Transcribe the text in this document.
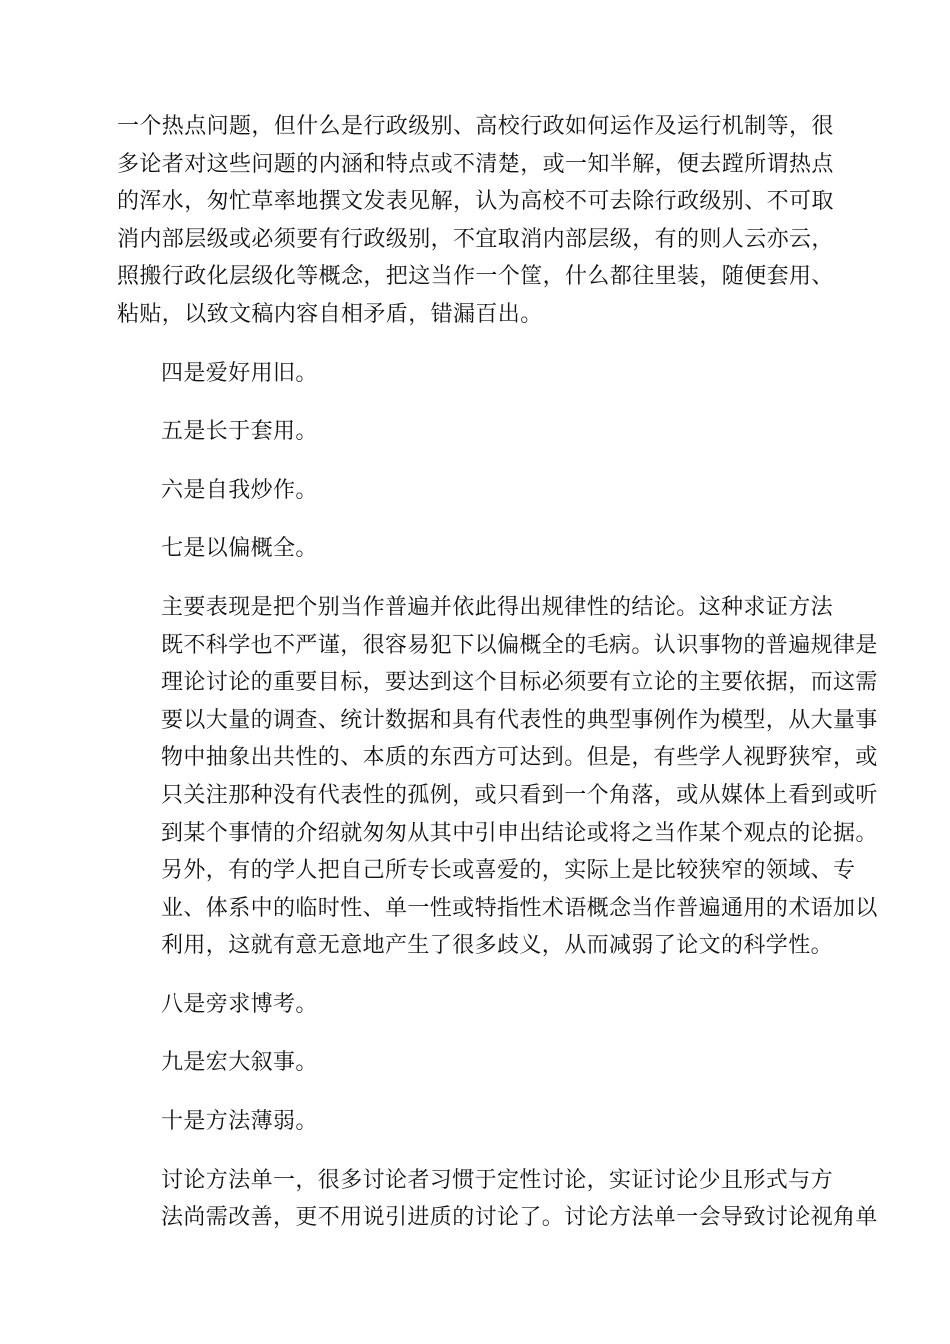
一个热点问题，但什么是行政级别、高校行政如何运作及运行机制等，很
多论者对这些问题的内涵和特点或不清楚，或一知半解，便去蹚所谓热点
的浑水，匆忙草率地撰文发表见解，认为高校不可去除行政级别、不可取
消内部层级或必须要有行政级别，不宜取消内部层级，有的则人云亦云，
照搬行政化层级化等概念，把这当作一个筐，什么都往里装，随便套用、
粘贴，以致文稿内容自相矛盾，错漏百出。
四是爱好用旧。
五是长于套用。
六是自我炒作。
七是以偏概全。
主要表现是把个别当作普遍并依此得出规律性的结论。这种求证方法
既不科学也不严谨，很容易犯下以偏概全的毛病。认识事物的普遍规律是
理论讨论的重要目标，要达到这个目标必须要有立论的主要依据，而这需
要以大量的调查、统计数据和具有代表性的典型事例作为模型，从大量事
物中抽象出共性的、本质的东西方可达到。但是，有些学人视野狭窄，或
只关注那种没有代表性的孤例，或只看到一个角落，或从媒体上看到或听
到某个事情的介绍就匆匆从其中引申出结论或将之当作某个观点的论据。
另外，有的学人把自己所专长或喜爱的，实际上是比较狭窄的领域、专
业、体系中的临时性、单一性或特指性术语概念当作普遍通用的术语加以
利用，这就有意无意地产生了很多歧义，从而减弱了论文的科学性。
八是旁求博考。
九是宏大叙事。
十是方法薄弱。
讨论方法单一，很多讨论者习惯于定性讨论，实证讨论少且形式与方
法尚需改善，更不用说引进质的讨论了。讨论方法单一会导致讨论视角单
